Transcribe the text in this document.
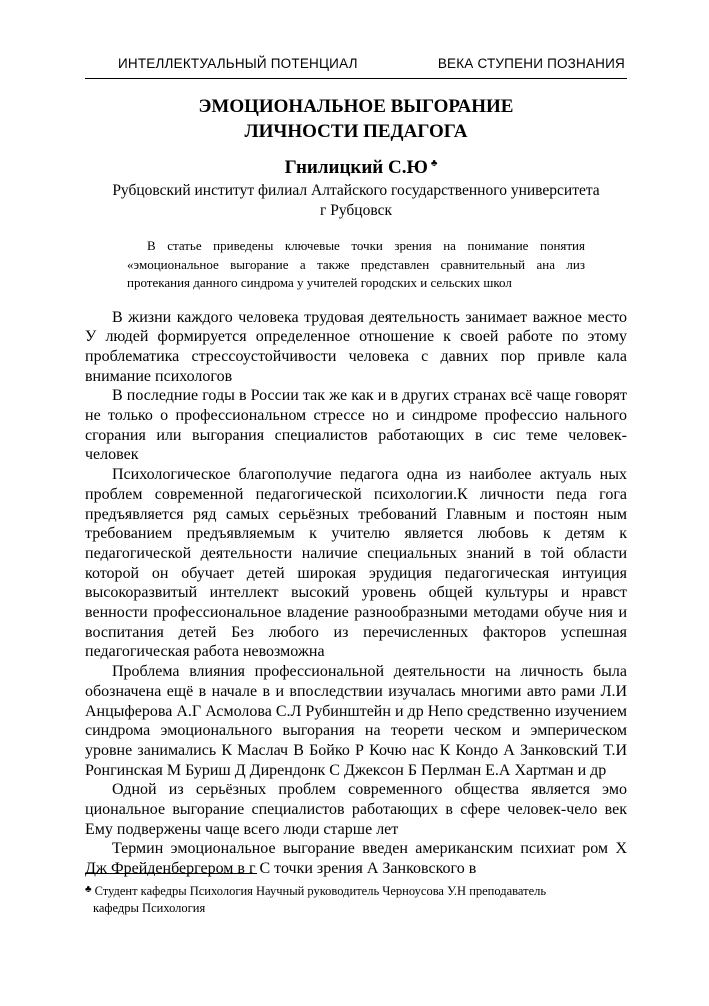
ИНТЕЛЛЕКТУАЛЬНЫЙ ПОТЕНЦИАЛ	ВЕКА СТУПЕНИ ПОЗНАНИЯ
ЭМОЦИОНАЛЬНОЕ ВЫГОРАНИЕ
ЛИЧНОСТИ ПЕДАГОГА
Гнилицкий С.Ю ♣
Рубцовский институт филиал Алтайского государственного университета
г Рубцовск

В статье приведены ключевые точки зрения на понимание понятия «эмоциональное выгорание а также представлен сравнительный ана лиз протекания данного синдрома у учителей городских и сельских школ

В жизни каждого человека трудовая деятельность занимает важное место У людей формируется определенное отношение к своей работе по этому проблематика стрессоустойчивости человека с давних пор привле кала внимание психологов

В последние годы в России так же как и в других странах всё чаще говорят не только о профессиональном стрессе но и синдроме профессио нального сгорания или выгорания специалистов работающих в сис теме человек-человек

Психологическое благополучие педагога одна из наиболее актуаль ных проблем современной педагогической психологии.К личности педа гога предъявляется ряд самых серьёзных требований Главным и постоян ным требованием предъявляемым к учителю является любовь к детям к педагогической деятельности наличие специальных знаний в той области которой он обучает детей широкая эрудиция педагогическая интуиция высокоразвитый интеллект высокий уровень общей культуры и нравст венности профессиональное владение разнообразными методами обуче ния и воспитания детей Без любого из перечисленных факторов успешная педагогическая работа невозможна

Проблема влияния профессиональной деятельности на личность была обозначена ещё в начале в и впоследствии изучалась многими авто рами Л.И Анцыферова А.Г Асмолова С.Л Рубинштейн и др Непо средственно изучением синдрома эмоционального выгорания на теорети ческом и эмперическом уровне занимались К Маслач В Бойко Р Кочю нас К Кондо А Занковский Т.И Ронгинская М Буриш Д Дирендонк С Джексон Б Перлман Е.А Хартман и др

Одной из серьёзных проблем современного общества является эмо циональное выгорание специалистов работающих в сфере человек-чело век Ему подвержены чаще всего люди старше лет

Термин эмоциональное выгорание введен американским психиат ром Х Дж Фрейденбергером в г С точки зрения А Занковского в

♣ Студент кафедры Психология Научный руководитель Черноусова У.Н преподаватель
кафедры Психология
